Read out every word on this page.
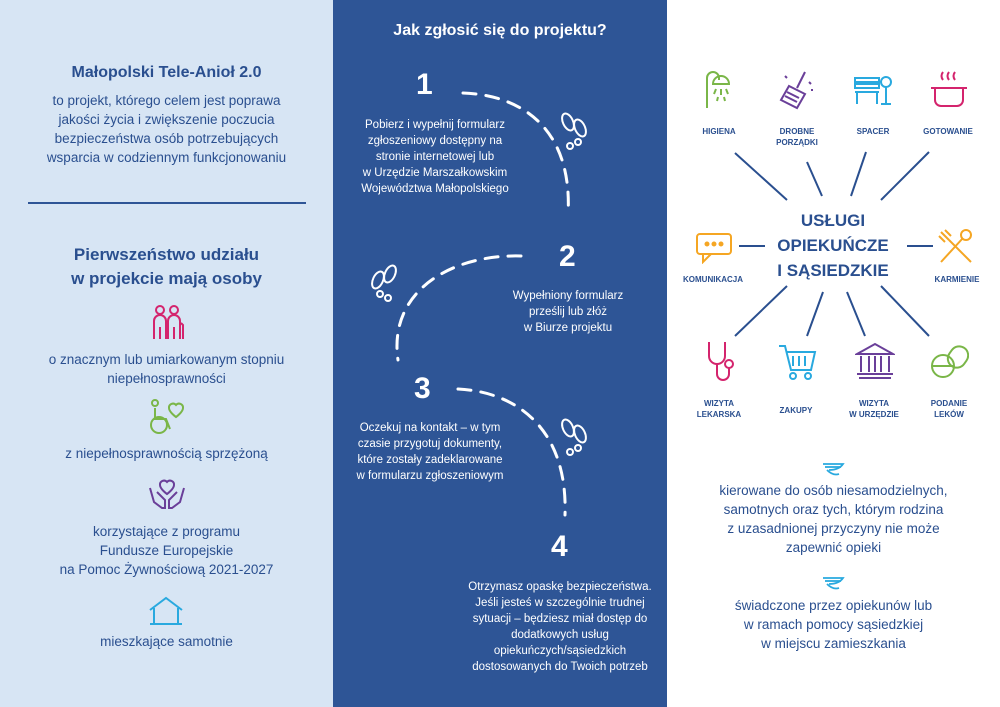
Małopolski Tele-Anioł 2.0
to projekt, którego celem jest poprawa
jakości życia i zwiększenie poczucia
bezpieczeństwa osób potrzebujących
wsparcia w codziennym funkcjonowaniu
Pierwszeństwo udziału
w projekcie mają osoby
o znacznym lub umiarkowanym stopniu
niepełnosprawności
z niepełnosprawnością sprzężoną
korzystające z programu
Fundusze Europejskie
na Pomoc Żywnościową 2021-2027
mieszkające samotnie
Jak zgłosić się do projektu?
1
Pobierz i wypełnij formularz
zgłoszeniowy dostępny na
stronie internetowej lub
w Urzędzie Marszałkowskim
Województwa Małopolskiego
2
Wypełniony formularz
prześlij lub złóż
w Biurze projektu
3
Oczekuj na kontakt – w tym
czasie przygotuj dokumenty,
które zostały zadeklarowane
w formularzu zgłoszeniowym
4
Otrzymasz opaskę bezpieczeństwa.
Jeśli jesteś w szczególnie trudnej
sytuacji – będziesz miał dostęp do
dodatkowych usług
opiekuńczych/sąsiedzkich
dostosowanych do Twoich potrzeb
USŁUGI
OPIEKUŃCZE
I SĄSIEDZKIE
HIGIENA	DROBNE
PORZĄDKI
SPACER	GOTOWANIE
KOMUNIKACJA	KARMIENIE
WIZYTA
LEKARSKA	ZAKUPY
WIZYTA
W URZĘDZIE
PODANIE
LEKÓW
kierowane do osób niesamodzielnych,
samotnych oraz tych, którym rodzina
z uzasadnionej przyczyny nie może
zapewnić opieki
świadczone przez opiekunów lub
w ramach pomocy sąsiedzkiej
w miejscu zamieszkania
